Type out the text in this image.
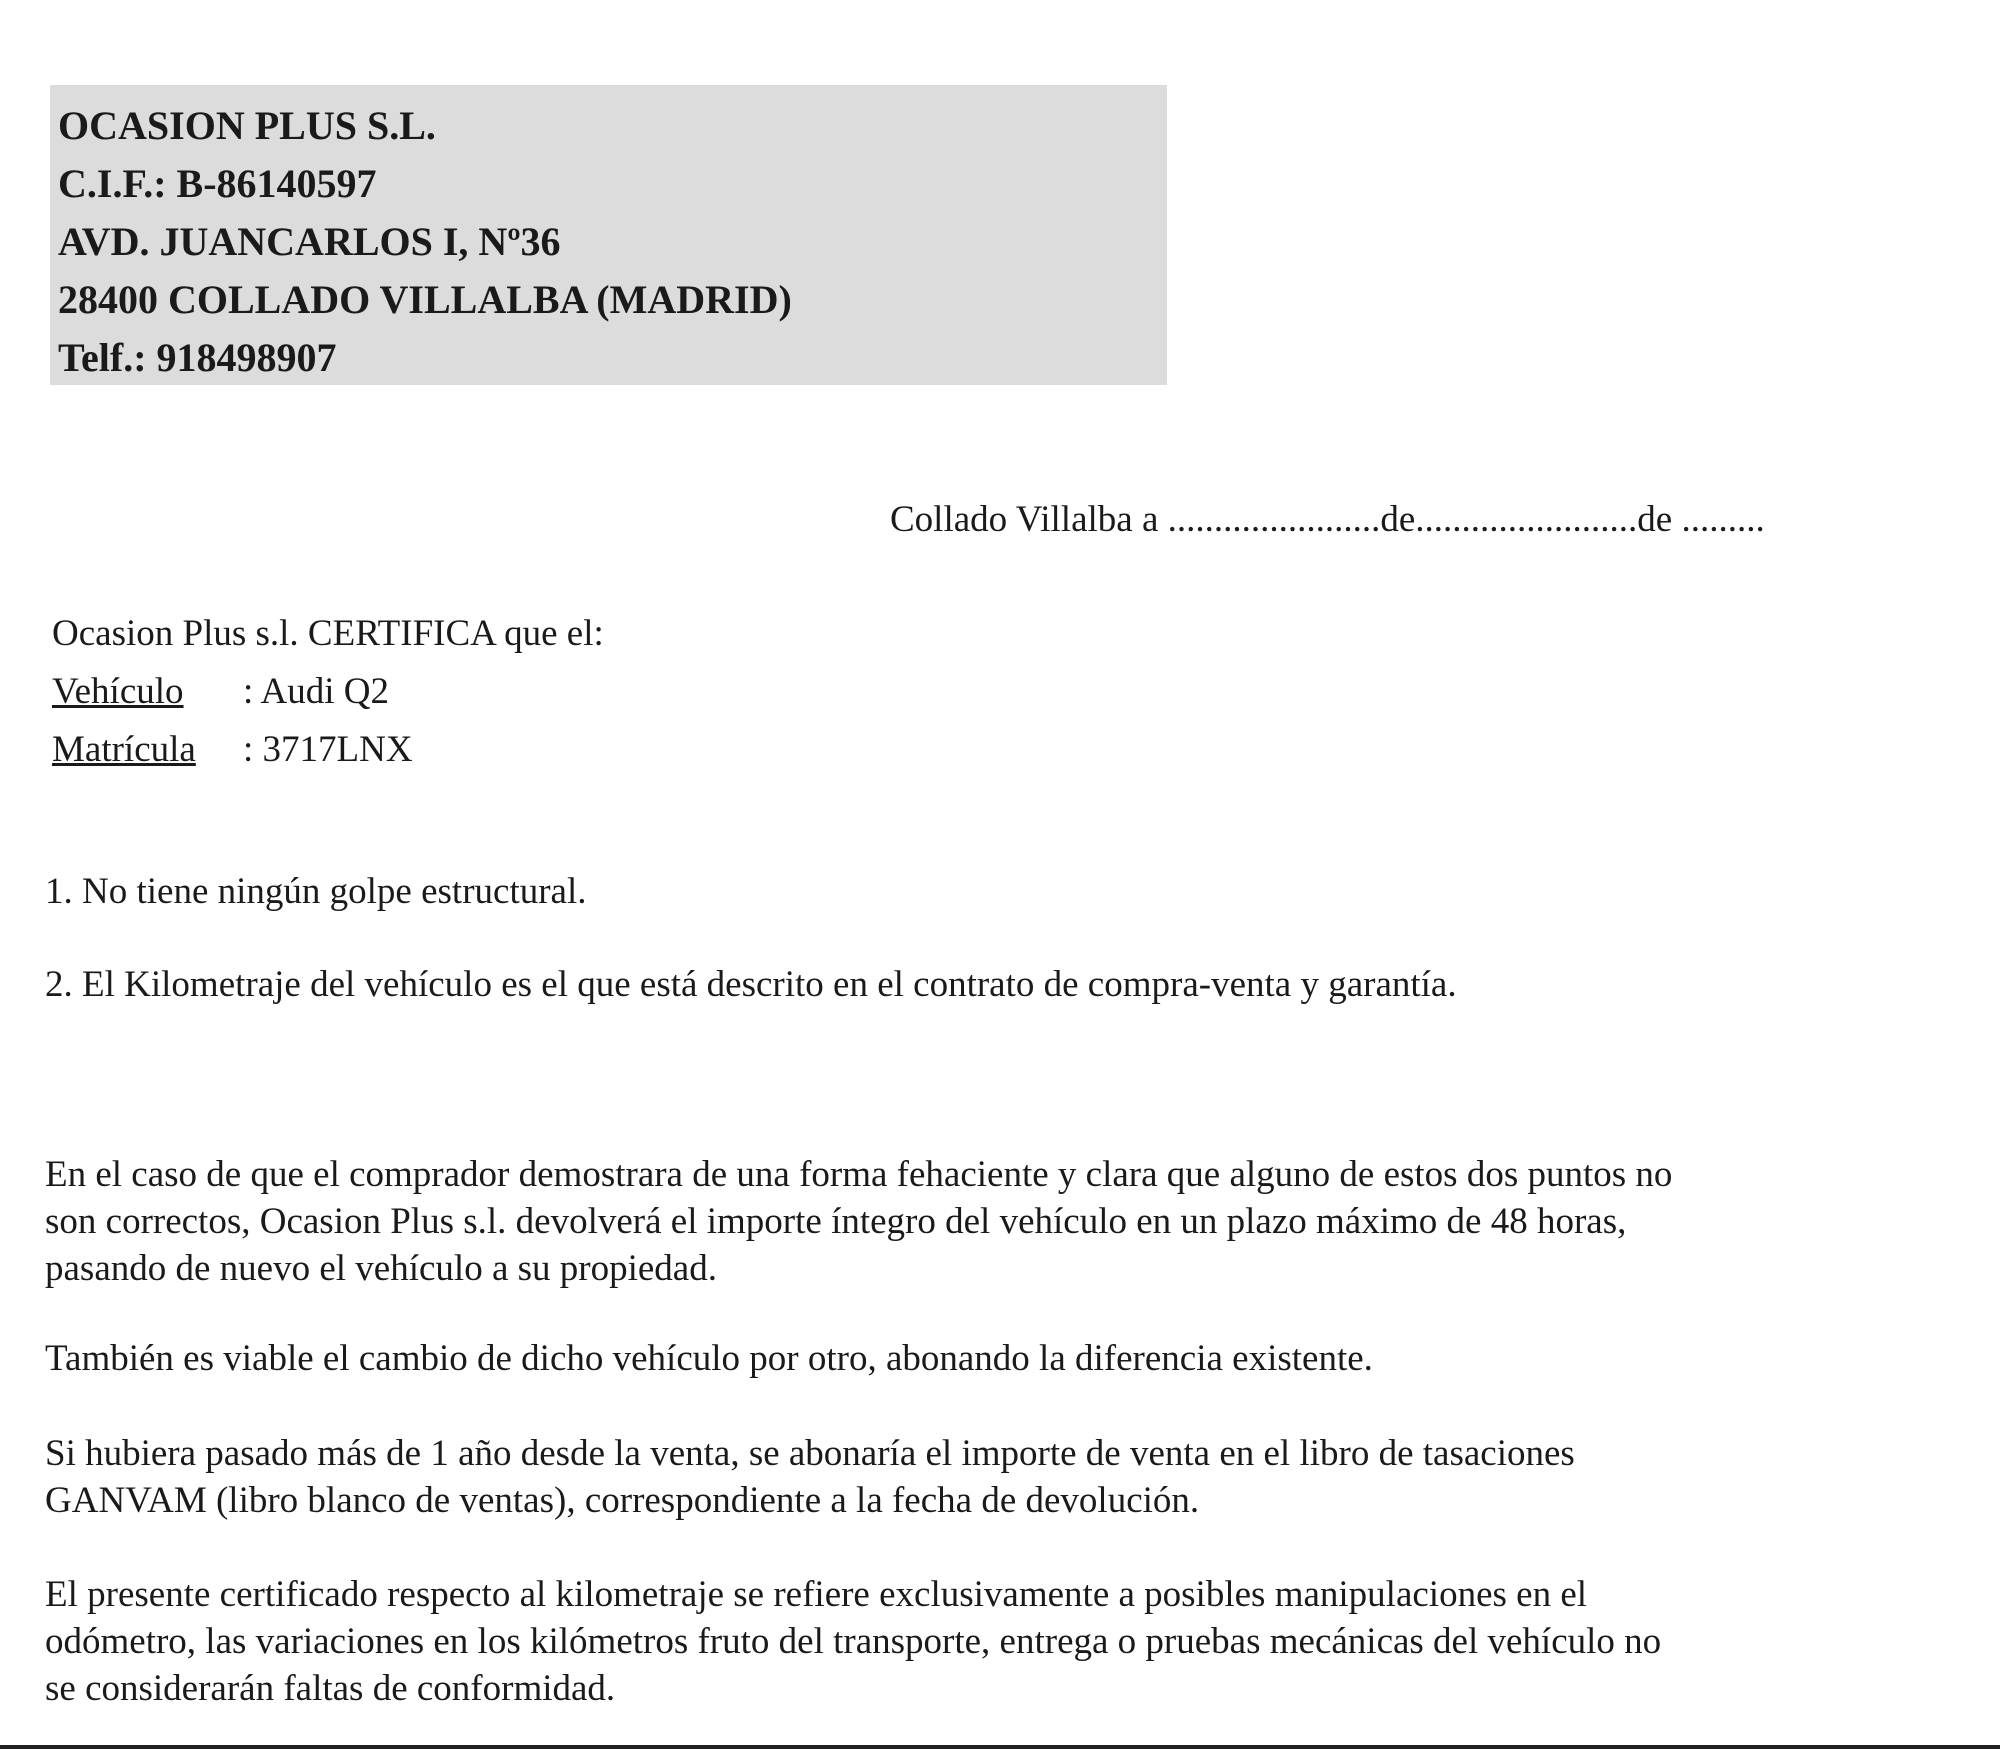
OCASION PLUS S.L.
C.I.F.: B-86140597
AVD. JUANCARLOS I, Nº36
28400 COLLADO VILLALBA (MADRID)
Telf.: 918498907
Collado Villalba a .......................de........................de .........
Ocasion Plus s.l. CERTIFICA que el:
Vehículo : Audi Q2
Matrícula : 3717LNX
1. No tiene ningún golpe estructural.
2. El Kilometraje del vehículo es el que está descrito en el contrato de compra-venta y garantía.
En el caso de que el comprador demostrara de una forma fehaciente y clara que alguno de estos dos puntos no
son correctos, Ocasion Plus s.l. devolverá el importe íntegro del vehículo en un plazo máximo de 48 horas,
pasando de nuevo el vehículo a su propiedad.
También es viable el cambio de dicho vehículo por otro, abonando la diferencia existente.
Si hubiera pasado más de 1 año desde la venta, se abonaría el importe de venta en el libro de tasaciones
GANVAM (libro blanco de ventas), correspondiente a la fecha de devolución.
El presente certificado respecto al kilometraje se refiere exclusivamente a posibles manipulaciones en el
odómetro, las variaciones en los kilómetros fruto del transporte, entrega o pruebas mecánicas del vehículo no
se considerarán faltas de conformidad.
